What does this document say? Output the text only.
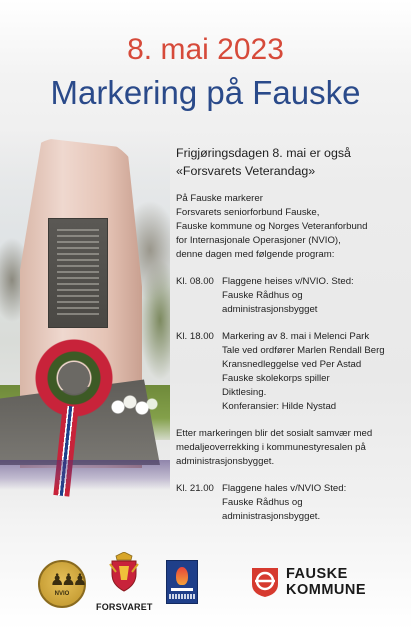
8. mai 2023
Markering på Fauske
Frigjøringsdagen 8. mai er også
«Forsvarets Veterandag»
På Fauske markerer
Forsvarets seniorforbund Fauske,
Fauske kommune og Norges Veteranforbund
for Internasjonale Operasjoner (NVIO),
denne dagen med følgende program:
Kl. 08.00 Flaggene heises v/NVIO. Sted:
Fauske Rådhus og
administrasjonsbygget
Kl. 18.00 Markering av 8. mai i Melenci Park
Tale ved ordfører Marlen Rendall Berg
Kransnedleggelse ved Per Astad
Fauske skolekorps spiller
Diktlesing.
Konferansier: Hilde Nystad
Etter markeringen blir det sosialt samvær med
medaljeoverrekking i kommunestyresalen på
administrasjonsbygget.
Kl. 21.00 Flaggene hales v/NVIO Sted:
Fauske Rådhus og
administrasjonsbygget.
♟♟♟
NVIO
FORSVARET
FAUSKE
KOMMUNE
